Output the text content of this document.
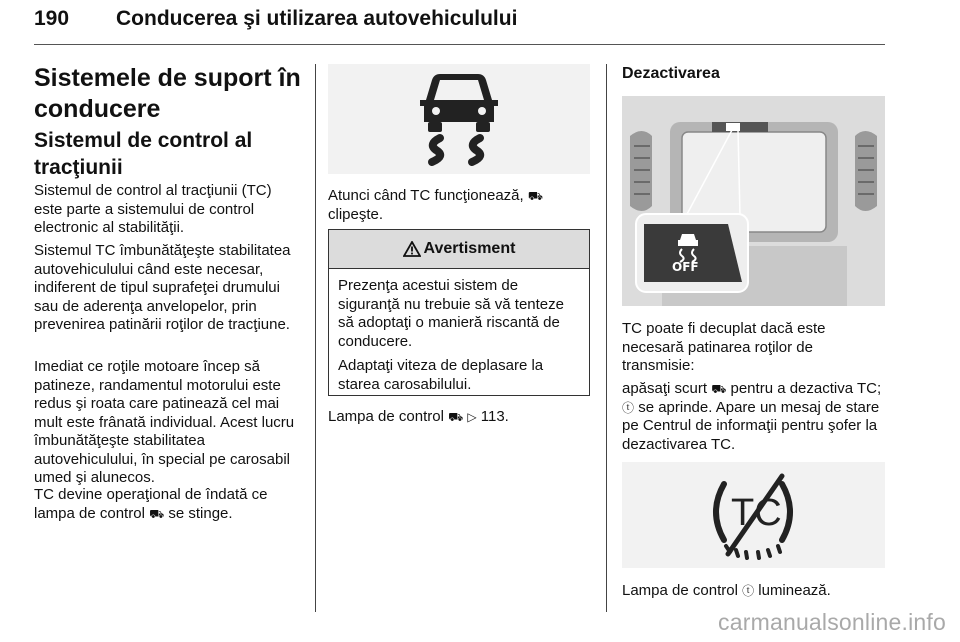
190 Conducerea şi utilizarea autovehiculului
Sistemele de suport în conducere
Sistemul de control al tracţiunii
Sistemul de control al tracţiunii (TC) este parte a sistemului de control electronic al stabilităţii.
Sistemul TC îmbunătăţeşte stabilitatea autovehiculului când este necesar, indiferent de tipul suprafeţei drumului sau de aderenţa anvelopelor, prin prevenirea patinării roţilor de tracţiune.
Imediat ce roţile motoare încep să patineze, randamentul motorului este redus şi roata care patinează cel mai mult este frânată individual. Acest lucru îmbunătăţeşte stabilitatea autovehiculului, în special pe carosabil umed şi alunecos.
TC devine operaţional de îndată ce lampa de control ⛟ se stinge.
Atunci când TC funcţionează, ⛟
clipeşte.
Avertisment

Prezenţa acestui sistem de siguranţă nu trebuie să vă tenteze să adoptaţi o manieră riscantă de conducere.

Adaptaţi viteza de deplasare la starea carosabilului.

Lampa de control ⛟ ▷ 113.
Dezactivarea
OFF
TC poate fi decuplat dacă este necesară patinarea roţilor de transmisie:
apăsaţi scurt ⛟ pentru a dezactiva TC; ⓣ se aprinde. Apare un mesaj de stare pe Centrul de informaţii pentru şofer la dezactivarea TC.
TC
Lampa de control ⓣ luminează.
carmanualsonline.info
